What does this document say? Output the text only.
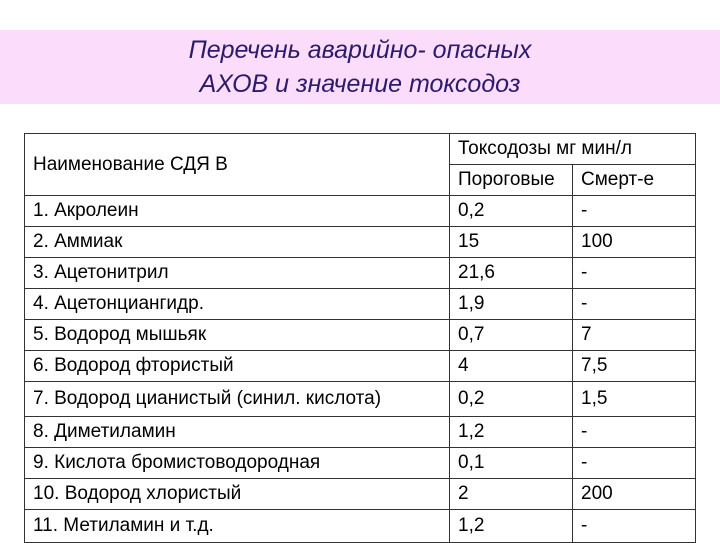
Перечень аварийно- опасных
АХОВ и значение токсодоз
Наименование СДЯ В	Токсодозы мг мин/л	
	Пороговые	Смерт-е
1. Акролеин	0,2	-
2. Аммиак	15	100
3. Ацетонитрил	21,6	-
4. Ацетонциангидр.	1,9	-
5. Водород мышьяк	0,7	7
6. Водород фтористый	4	7,5
7. Водород цианистый (синил. кислота)	0,2	1,5
8. Диметиламин	1,2	-
9. Кислота бромистоводородная	0,1	-
10. Водород хлористый	2	200
11. Метиламин и т.д.	1,2	-
